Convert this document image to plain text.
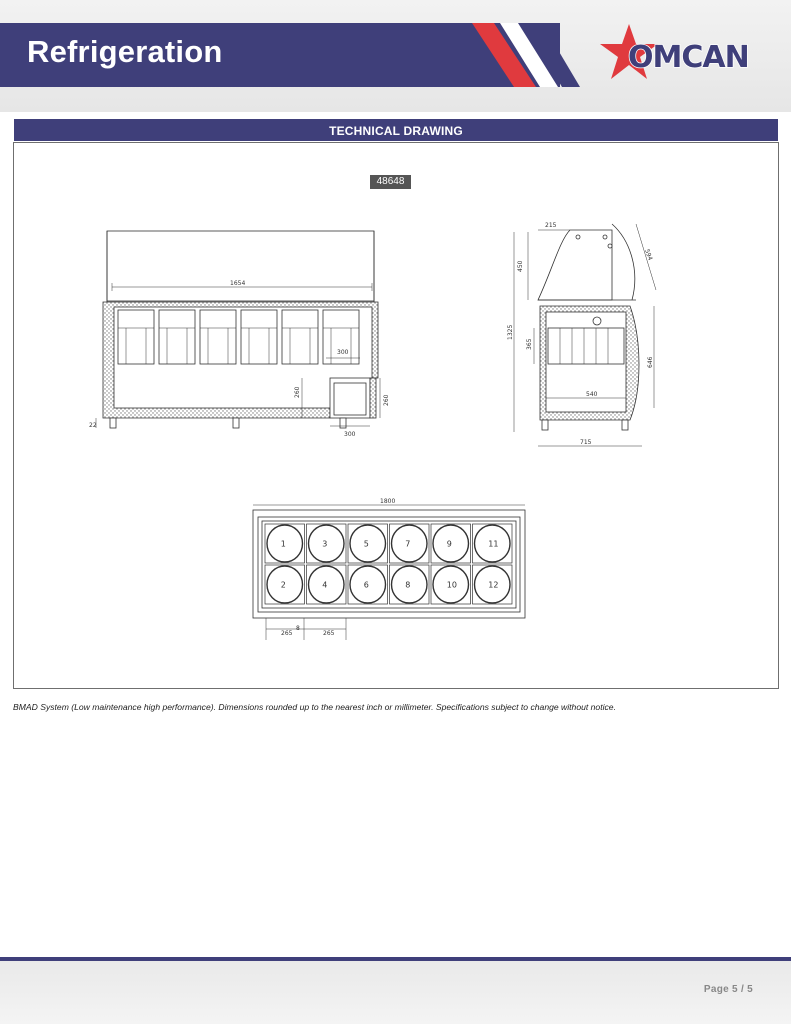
Refrigeration	OMCAN
TECHNICAL DRAWING
48648
1654
300
260
260
300
22
215
450
594
1325
365
646
540
715
1
2
3
4
5
6
7
8
9
10
11
12
1800
265
8
265
BMAD System (Low maintenance high performance). Dimensions rounded up to the nearest inch or millimeter. Specifications subject to change without notice.
Page 5 / 5
